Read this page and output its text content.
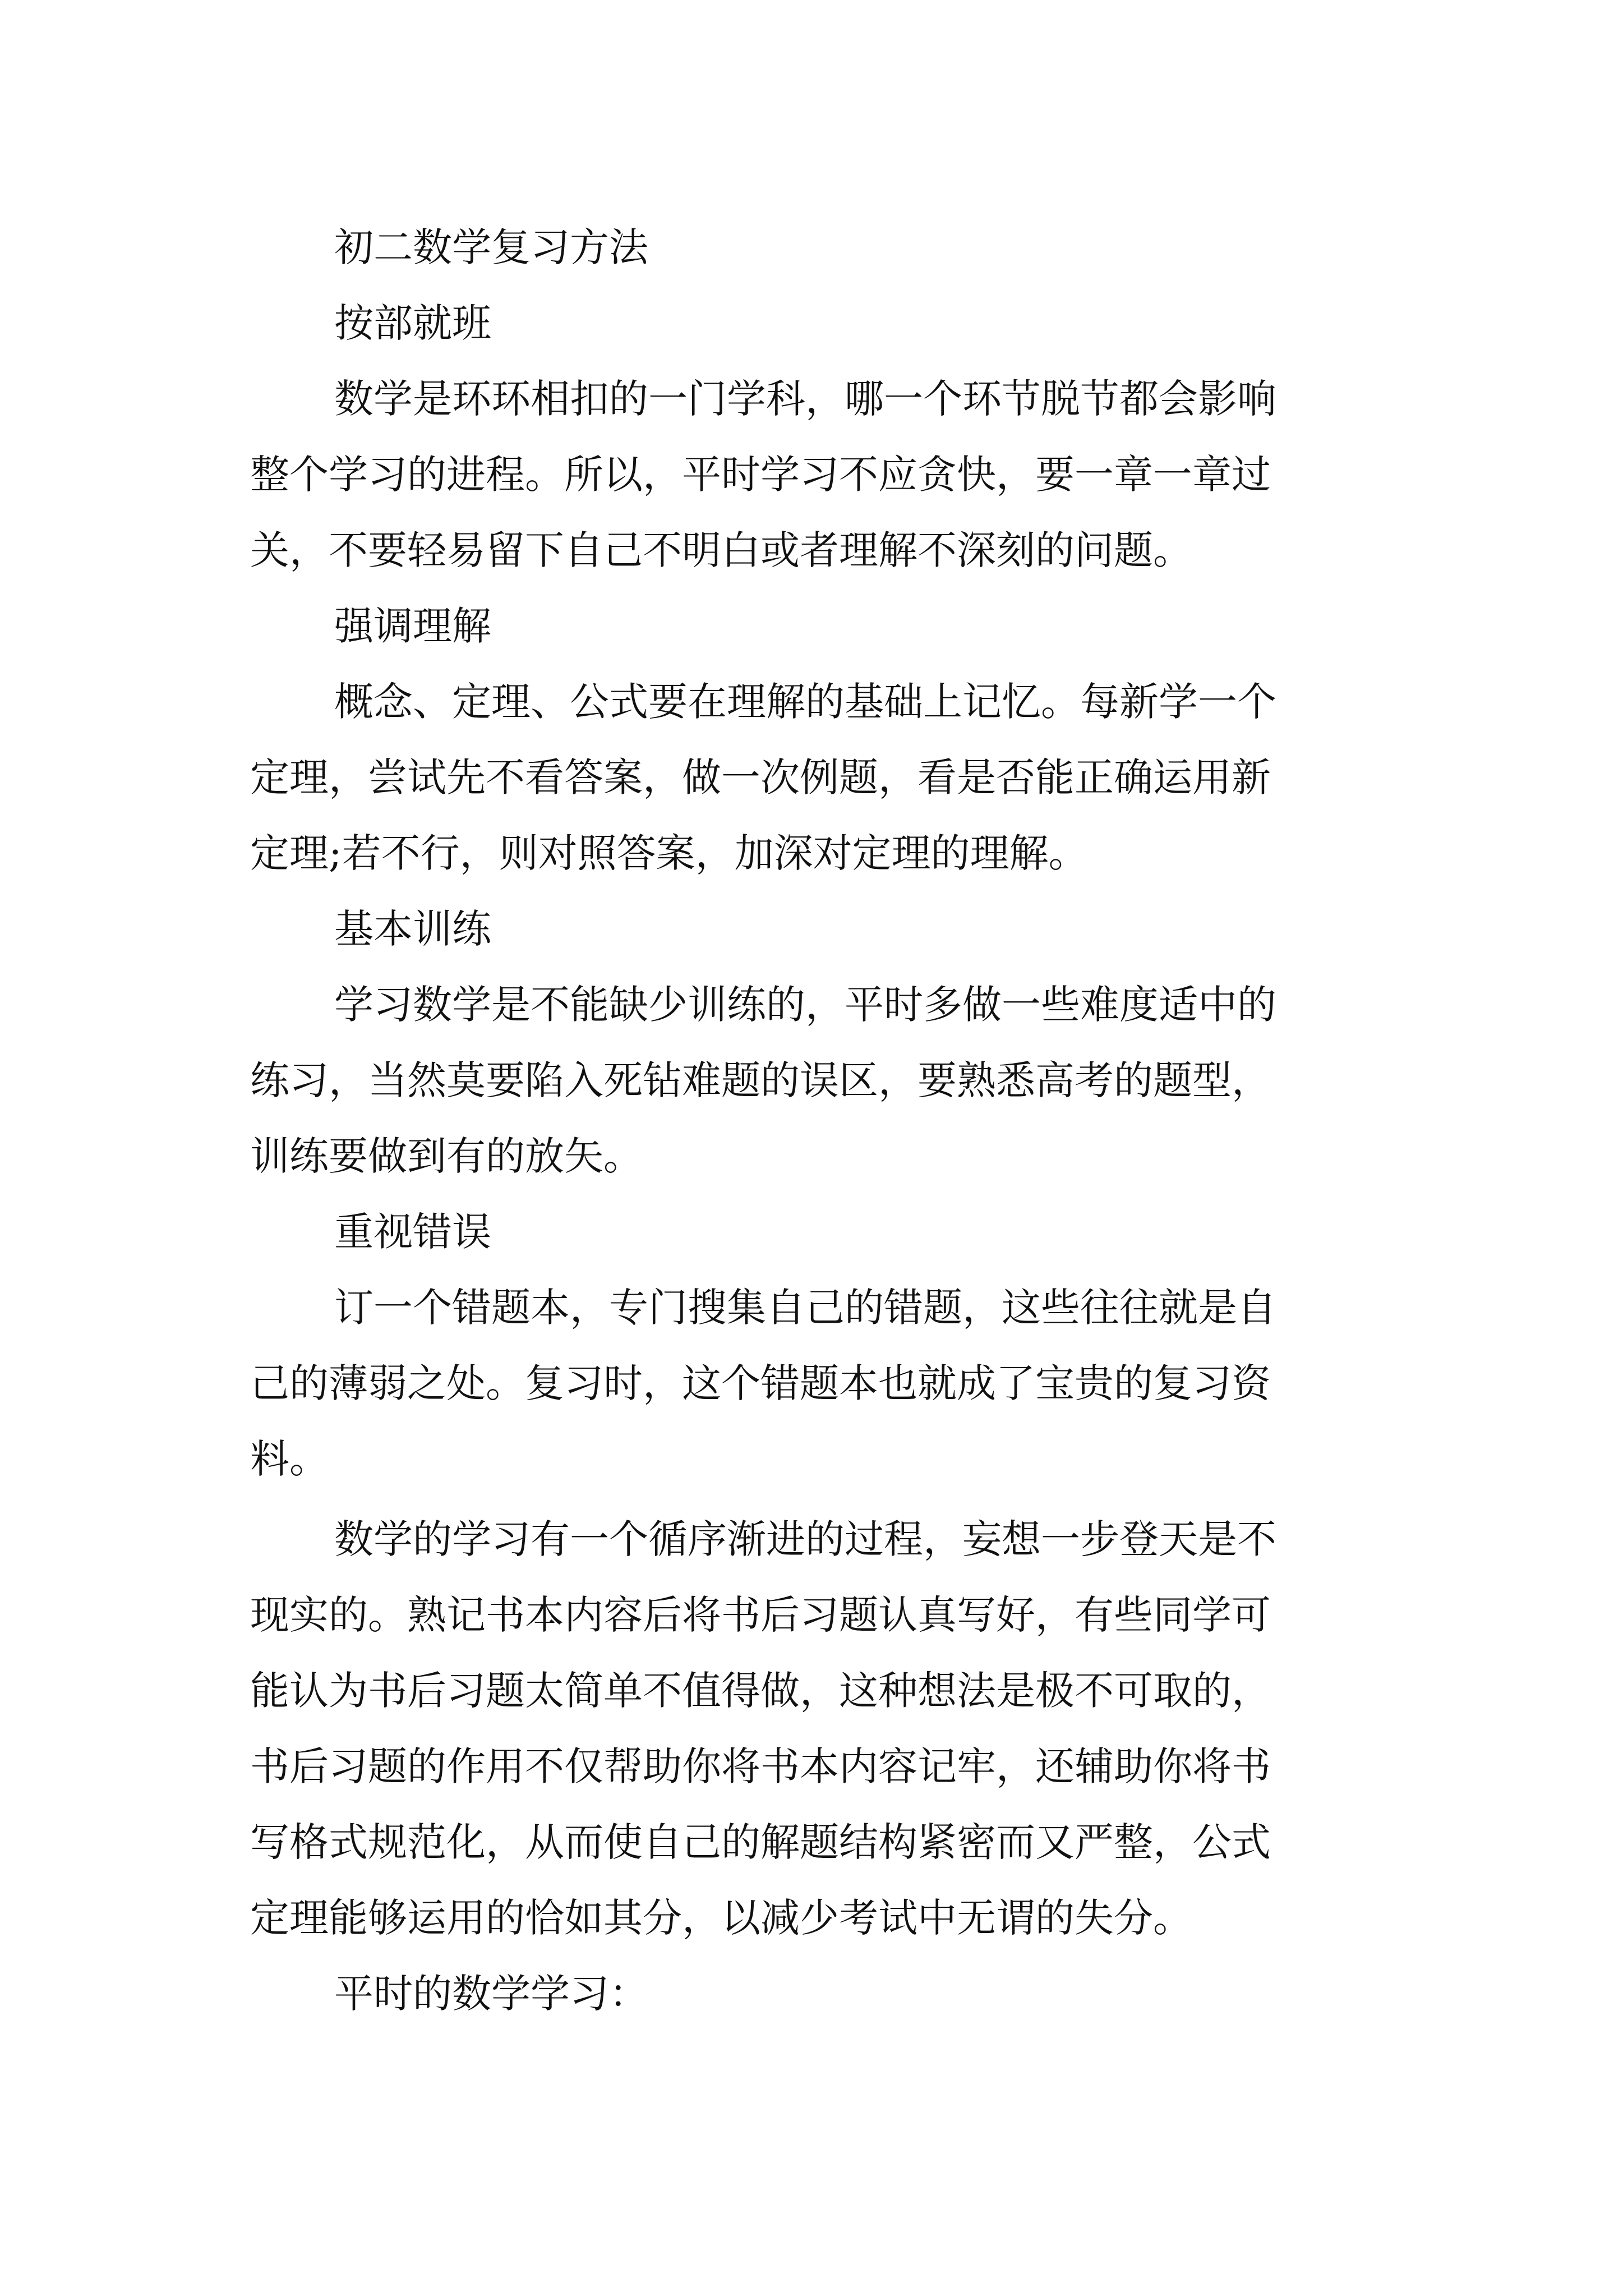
初二数学复习方法
按部就班
数学是环环相扣的一门学科，哪一个环节脱节都会影响
整个学习的进程。所以，平时学习不应贪快，要一章一章过
关，不要轻易留下自己不明白或者理解不深刻的问题。
强调理解
概念、定理、公式要在理解的基础上记忆。每新学一个
定理，尝试先不看答案，做一次例题，看是否能正确运用新
定理;若不行，则对照答案，加深对定理的理解。
基本训练
学习数学是不能缺少训练的，平时多做一些难度适中的
练习，当然莫要陷入死钻难题的误区，要熟悉高考的题型，
训练要做到有的放矢。
重视错误
订一个错题本，专门搜集自己的错题，这些往往就是自
己的薄弱之处。复习时，这个错题本也就成了宝贵的复习资
料。
数学的学习有一个循序渐进的过程，妄想一步登天是不
现实的。熟记书本内容后将书后习题认真写好，有些同学可
能认为书后习题太简单不值得做，这种想法是极不可取的，
书后习题的作用不仅帮助你将书本内容记牢，还辅助你将书
写格式规范化，从而使自己的解题结构紧密而又严整，公式
定理能够运用的恰如其分，以减少考试中无谓的失分。
平时的数学学习：
